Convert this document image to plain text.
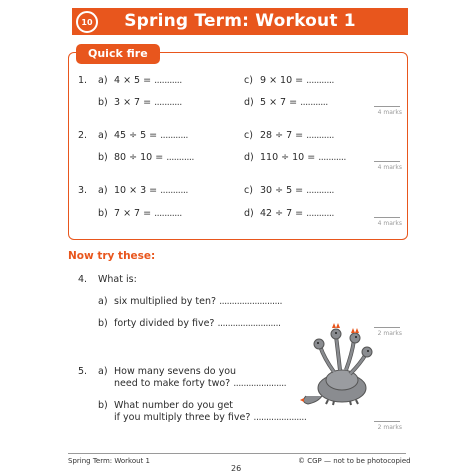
Spring Term: Workout 1
10
Quick fire
1. a) 4 × 5 = ...........	c) 9 × 10 = ...........
b) 3 × 7 = ...........	d) 5 × 7 = ...........
4 marks
2. a) 45 ÷ 5 = ...........	c) 28 ÷ 7 = ...........
b) 80 ÷ 10 = ...........	d) 110 ÷ 10 = ...........
4 marks
3. a) 10 × 3 = ...........	c) 30 ÷ 5 = ...........
b) 7 × 7 = ...........	d) 42 ÷ 7 = ...........
4 marks
Now try these:
4. What is:
a) six multiplied by ten? .........................
b) forty divided by five? .........................
2 marks
5. a) How many sevens do you
need to make forty two? .....................
b) What number do you get
if you multiply three by five? .....................
2 marks
Spring Term: Workout 1
26
© CGP — not to be photocopied
